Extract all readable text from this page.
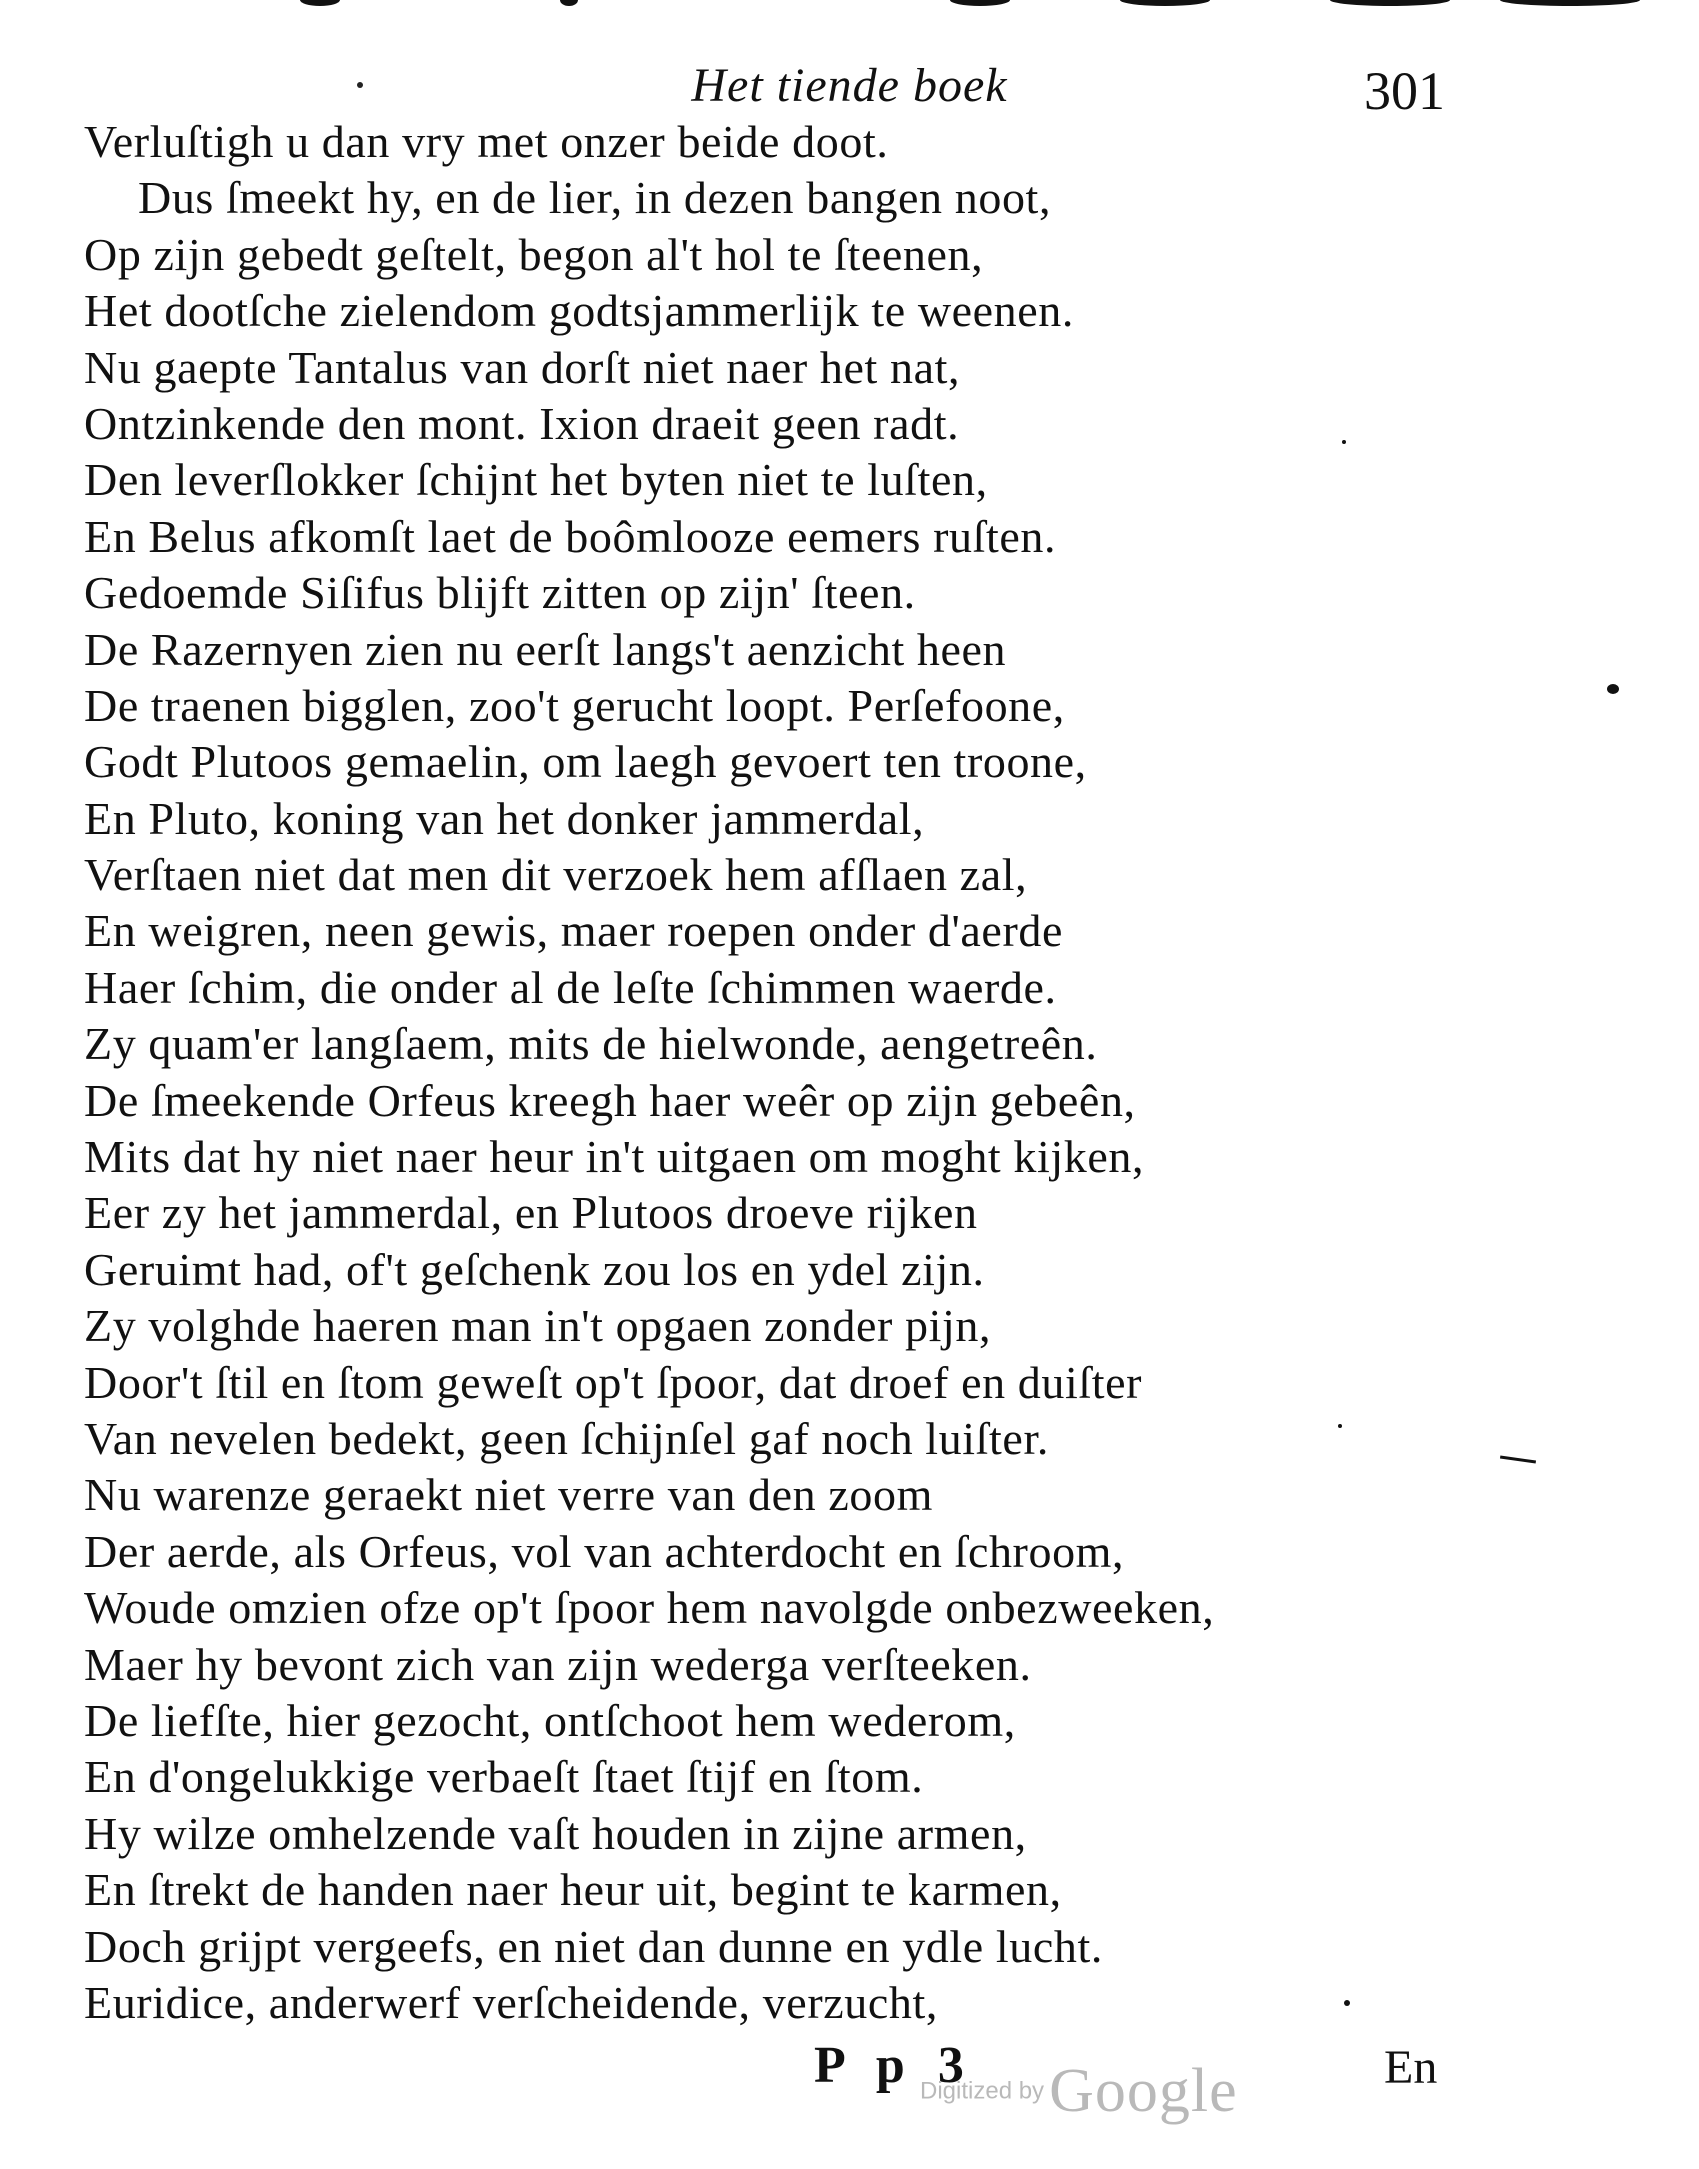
Het tiende boek	301
Verluſtigh u dan vry met onzer beide doot.
Dus ſmeekt hy, en de lier, in dezen bangen noot,
Op zijn gebedt geſtelt, begon al't hol te ſteenen,
Het dootſche zielendom godtsjammerlijk te weenen.
Nu gaepte Tantalus van dorſt niet naer het nat,
Ontzinkende den mont. Ixion draeit geen radt.
Den leverſlokker ſchijnt het byten niet te luſten,
En Belus afkomſt laet de boômlooze eemers ruſten.
Gedoemde Siſifus blijft zitten op zijn' ſteen.
De Razernyen zien nu eerſt langs't aenzicht heen
De traenen bigglen, zoo't gerucht loopt. Perſefoone,
Godt Plutoos gemaelin, om laegh gevoert ten troone,
En Pluto, koning van het donker jammerdal,
Verſtaen niet dat men dit verzoek hem afſlaen zal,
En weigren, neen gewis, maer roepen onder d'aerde
Haer ſchim, die onder al de leſte ſchimmen waerde.
Zy quam'er langſaem, mits de hielwonde, aengetreên.
De ſmeekende Orfeus kreegh haer weêr op zijn gebeên,
Mits dat hy niet naer heur in't uitgaen om moght kijken,
Eer zy het jammerdal, en Plutoos droeve rijken
Geruimt had, of't geſchenk zou los en ydel zijn.
Zy volghde haeren man in't opgaen zonder pijn,
Door't ſtil en ſtom geweſt op't ſpoor, dat droef en duiſter
Van nevelen bedekt, geen ſchijnſel gaf noch luiſter.
Nu warenze geraekt niet verre van den zoom
Der aerde, als Orfeus, vol van achterdocht en ſchroom,
Woude omzien ofze op't ſpoor hem navolgde onbezweeken,
Maer hy bevont zich van zijn wederga verſteeken.
De liefſte, hier gezocht, ontſchoot hem wederom,
En d'ongelukkige verbaeſt ſtaet ſtijf en ſtom.
Hy wilze omhelzende vaſt houden in zijne armen,
En ſtrekt de handen naer heur uit, begint te karmen,
Doch grijpt vergeefs, en niet dan dunne en ydle lucht.
Euridice, anderwerf verſcheidende, verzucht,
P p 3
Digitized by Google	En
